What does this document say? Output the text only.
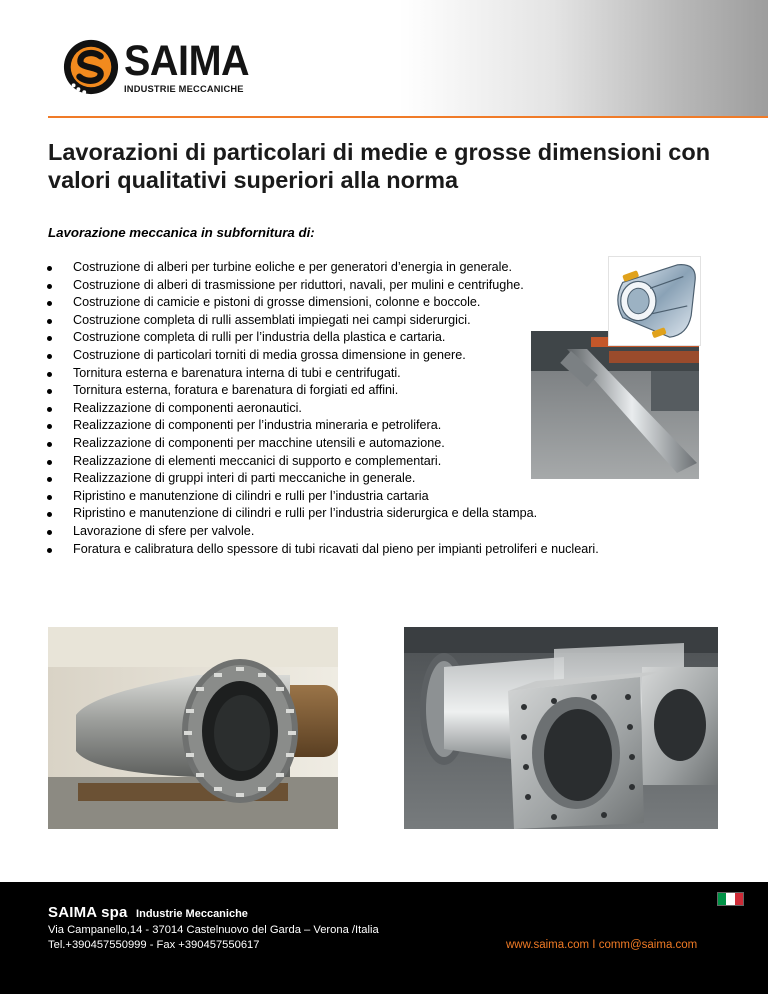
SAIMA
INDUSTRIE MECCANICHE
Lavorazioni di particolari di medie e grosse dimensioni con valori qualitativi superiori alla norma
Lavorazione meccanica in subfornitura di:
Costruzione di alberi per turbine eoliche e per generatori d’energia in generale.
Costruzione di alberi di trasmissione per riduttori, navali, per mulini e centrifughe.
Costruzione di camicie e pistoni di grosse dimensioni, colonne e boccole.
Costruzione completa di rulli assemblati impiegati nei campi siderurgici.
Costruzione completa di rulli per l’industria della plastica e cartaria.
Costruzione di particolari torniti di media grossa dimensione in genere.
Tornitura esterna e barenatura interna di tubi e centrifugati.
Tornitura esterna, foratura e barenatura di forgiati ed affini.
Realizzazione di componenti aeronautici.
Realizzazione di componenti per l’industria mineraria e petrolifera.
Realizzazione di componenti per macchine utensili e automazione.
Realizzazione di elementi meccanici di supporto e complementari.
Realizzazione di gruppi interi di parti meccaniche in generale.
Ripristino e manutenzione di cilindri e rulli per l’industria cartaria
Ripristino e manutenzione di cilindri e rulli per l’industria siderurgica e della stampa.
Lavorazione di sfere per valvole.
Foratura e calibratura dello spessore di tubi ricavati dal pieno per impianti petroliferi e nucleari.
SAIMA spa Industrie Meccaniche
Via Campanello,14 - 37014 Castelnuovo del Garda – Verona /Italia
Tel.+390457550999 - Fax +390457550617	www.saima.com I comm@saima.com
